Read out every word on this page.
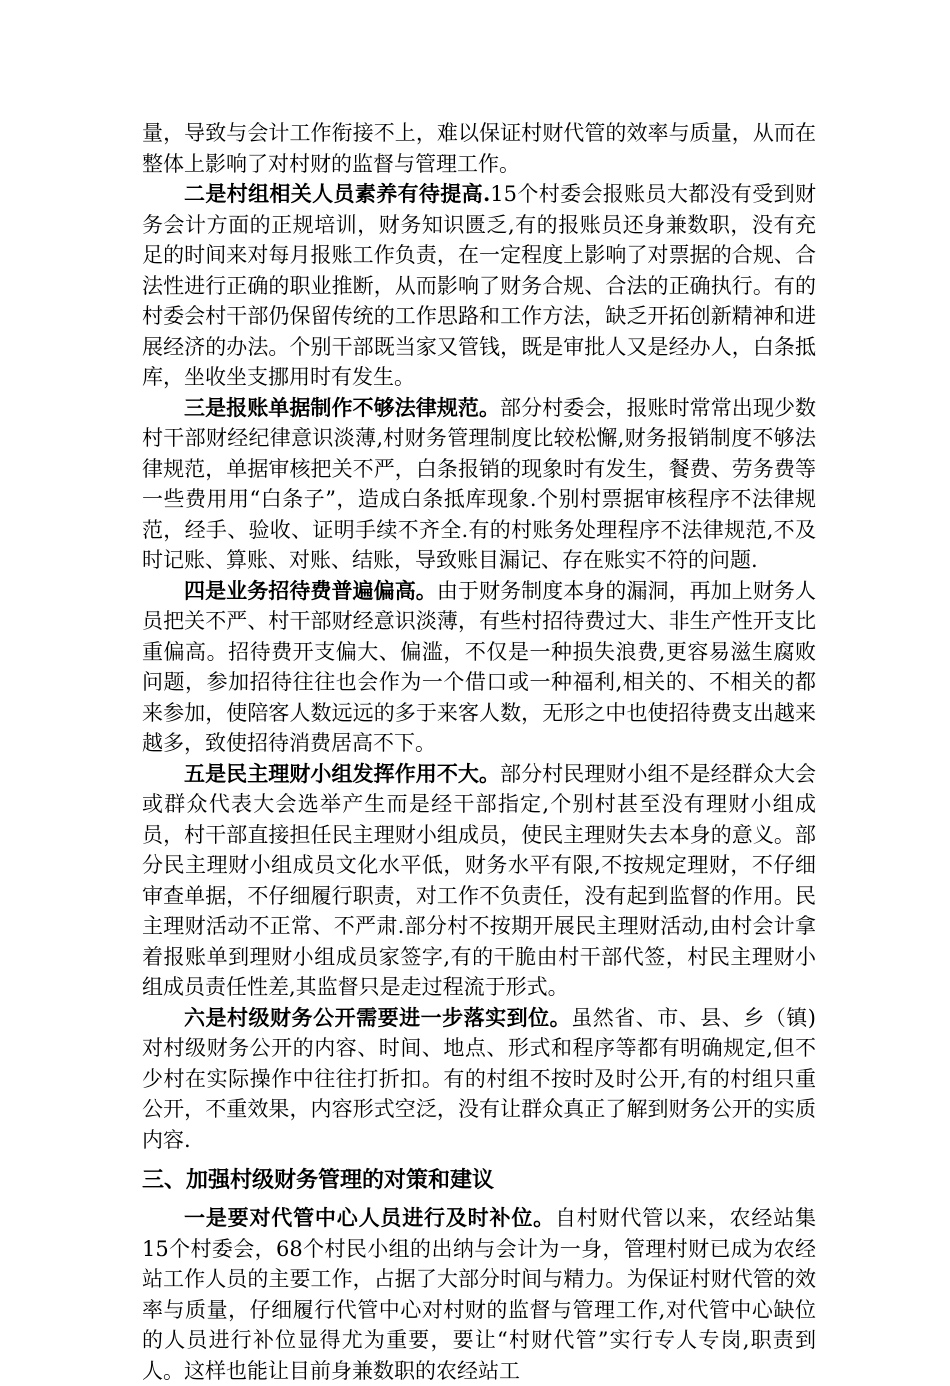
量，导致与会计工作衔接不上，难以保证村财代管的效率与质量，从而在整体上影响了对村财的监督与管理工作。

二是村组相关人员素养有待提高.15个村委会报账员大都没有受到财务会计方面的正规培训，财务知识匮乏,有的报账员还身兼数职，没有充足的时间来对每月报账工作负责，在一定程度上影响了对票据的合规、合法性进行正确的职业推断，从而影响了财务合规、合法的正确执行。有的村委会村干部仍保留传统的工作思路和工作方法，缺乏开拓创新精神和进展经济的办法。个别干部既当家又管钱，既是审批人又是经办人，白条抵库，坐收坐支挪用时有发生。

三是报账单据制作不够法律规范。部分村委会，报账时常常出现少数村干部财经纪律意识淡薄,村财务管理制度比较松懈,财务报销制度不够法律规范，单据审核把关不严，白条报销的现象时有发生，餐费、劳务费等一些费用用“白条子”，造成白条抵库现象.个别村票据审核程序不法律规范，经手、验收、证明手续不齐全.有的村账务处理程序不法律规范,不及时记账、算账、对账、结账，导致账目漏记、存在账实不符的问题.

四是业务招待费普遍偏高。由于财务制度本身的漏洞，再加上财务人员把关不严、村干部财经意识淡薄，有些村招待费过大、非生产性开支比重偏高。招待费开支偏大、偏滥，不仅是一种损失浪费,更容易滋生腐败问题，参加招待往往也会作为一个借口或一种福利,相关的、不相关的都来参加，使陪客人数远远的多于来客人数，无形之中也使招待费支出越来越多，致使招待消费居高不下。

五是民主理财小组发挥作用不大。部分村民理财小组不是经群众大会或群众代表大会选举产生而是经干部指定,个别村甚至没有理财小组成员，村干部直接担任民主理财小组成员，使民主理财失去本身的意义。部分民主理财小组成员文化水平低，财务水平有限,不按规定理财，不仔细审查单据，不仔细履行职责，对工作不负责任，没有起到监督的作用。民主理财活动不正常、不严肃.部分村不按期开展民主理财活动,由村会计拿着报账单到理财小组成员家签字,有的干脆由村干部代签，村民主理财小组成员责任性差,其监督只是走过程流于形式。

六是村级财务公开需要进一步落实到位。虽然省、市、县、乡（镇)对村级财务公开的内容、时间、地点、形式和程序等都有明确规定,但不少村在实际操作中往往打折扣。有的村组不按时及时公开,有的村组只重公开，不重效果，内容形式空泛，没有让群众真正了解到财务公开的实质内容.

三、加强村级财务管理的对策和建议

一是要对代管中心人员进行及时补位。自村财代管以来，农经站集15个村委会，68个村民小组的出纳与会计为一身，管理村财已成为农经站工作人员的主要工作，占据了大部分时间与精力。为保证村财代管的效率与质量，仔细履行代管中心对村财的监督与管理工作,对代管中心缺位的人员进行补位显得尤为重要，要让“村财代管”实行专人专岗,职责到人。这样也能让目前身兼数职的农经站工
